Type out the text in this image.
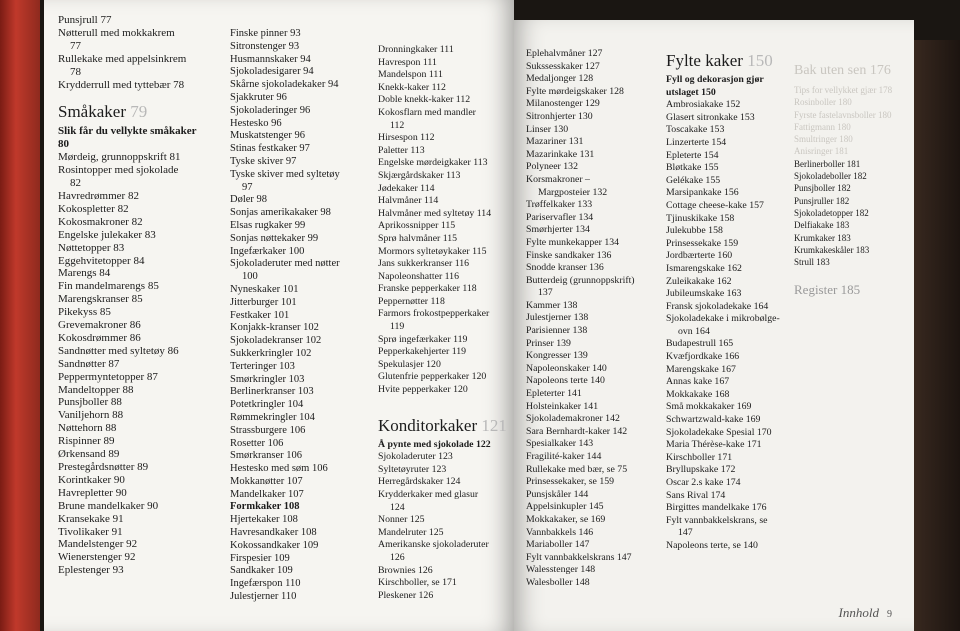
Punsjrull 77
Nøtterull med mokkakrem
77
Rullekake med appelsinkrem
78
Krydderrull med tyttebær 78
Småkaker 79
Slik får du vellykte småkaker 80
Mørdeig, grunnoppskrift 81
Rosintopper med sjokolade
82
Havredrømmer 82
Kokospletter 82
Kokosmakroner 82
Engelske julekaker 83
Nøttetopper 83
Eggehvitetopper 84
Marengs 84
Fin mandelmarengs 85
Marengskranser 85
Pikekyss 85
Grevemakroner 86
Kokosdrømmer 86
Sandnøtter med syltetøy 86
Sandnøtter 87
Peppermyntetopper 87
Mandeltopper 88
Punsjboller 88
Vaniljehorn 88
Nøttehorn 88
Rispinner 89
Ørkensand 89
Prestegårdsnøtter 89
Korintkaker 90
Havrepletter 90
Brune mandelkaker 90
Kransekake 91
Tivolikaker 91
Mandelstenger 92
Wienerstenger 92
Eplestenger 93
Finske pinner 93
Sitronstenger 93
Husmannskaker 94
Sjokoladesigarer 94
Skårne sjokoladekaker 94
Sjakkruter 96
Sjokoladeringer 96
Hestesko 96
Muskatstenger 96
Stinas festkaker 97
Tyske skiver 97
Tyske skiver med syltetøy
97
Døler 98
Sonjas amerikakaker 98
Elsas rugkaker 99
Sonjas nøttekaker 99
Ingefærkaker 100
Sjokoladeruter med nøtter
100
Nyneskaker 101
Jitterburger 101
Festkaker 101
Konjakk-kranser 102
Sjokoladekranser 102
Sukkerkringler 102
Terteringer 103
Smørkringler 103
Berlinerkranser 103
Potetkringler 104
Rømmekringler 104
Strassburgere 106
Rosetter 106
Smørkranser 106
Hestesko med søm 106
Mokkanøtter 107
Mandelkaker 107
Formkaker 108
Hjertekaker 108
Havresandkaker 108
Kokossandkaker 109
Firspesier 109
Sandkaker 109
Ingefærspon 110
Julestjerner 110
Dronningkaker 111
Havrespon 111
Mandelspon 111
Knekk-kaker 112
Doble knekk-kaker 112
Kokosflarn med mandler
112
Hirsespon 112
Paletter 113
Engelske mørdeigkaker 113
Skjærgårdskaker 113
Jødekaker 114
Halvmåner 114
Halvmåner med syltetøy 114
Aprikossnipper 115
Sprø halvmåner 115
Mormors syltetøykaker 115
Jans sukkerkranser 116
Napoleonshatter 116
Franske pepperkaker 118
Peppernøtter 118
Farmors frokostpepperkaker
119
Sprø ingefærkaker 119
Pepperkakehjerter 119
Spekulasjer 120
Glutenfrie pepperkaker 120
Hvite pepperkaker 120
Konditorkaker 121
Å pynte med sjokolade 122
Sjokoladeruter 123
Syltetøyruter 123
Herregårdskaker 124
Krydderkaker med glasur
124
Nonner 125
Mandelruter 125
Amerikanske sjokoladeruter
126
Brownies 126
Kirschboller, se 171
Pleskener 126
Eplehalvmåner 127
Sukssesskaker 127
Medaljonger 128
Fylte mørdeigskaker 128
Milanostenger 129
Sitronhjerter 130
Linser 130
Mazariner 131
Mazarinkake 131
Polyneer 132
Korsmakroner –
Margposteier 132
Trøffelkaker 133
Pariservafler 134
Smørhjerter 134
Fylte munkekapper 134
Finske sandkaker 136
Snodde kranser 136
Butterdeig (grunnoppskrift)
137
Kammer 138
Julestjerner 138
Parisienner 138
Prinser 139
Kongresser 139
Napoleonskaker 140
Napoleons terte 140
Epleterter 141
Holsteinkaker 141
Sjokolademakroner 142
Sara Bernhardt-kaker 142
Spesialkaker 143
Fragilité-kaker 144
Rullekake med bær, se 75
Prinsessekaker, se 159
Punsjskåler 144
Appelsinkupler 145
Mokkakaker, se 169
Vannbakkels 146
Mariaboller 147
Fylt vannbakkelskrans 147
Walesstenger 148
Walesboller 148
Fylte kaker 150
Fyll og dekorasjon gjør utslaget 150
Ambrosiakake 152
Glasert sitronkake 153
Toscakake 153
Linzerterte 154
Epleterte 154
Bløtkake 155
Gelékake 155
Marsipankake 156
Cottage cheese-kake 157
Tjinuskikake 158
Julekubbe 158
Prinsessekake 159
Jordbærterte 160
Ismarengskake 162
Zuleikakake 162
Jubileumskake 163
Fransk sjokoladekake 164
Sjokoladekake i mikrobølge-
ovn 164
Budapestrull 165
Kvæfjordkake 166
Marengskake 167
Annas kake 167
Mokkakake 168
Små mokkakaker 169
Schwartzwald-kake 169
Sjokoladekake Spesial 170
Maria Thérèse-kake 171
Kirschboller 171
Bryllupskake 172
Oscar 2.s kake 174
Sans Rival 174
Birgittes mandelkake 176
Fylt vannbakkelskrans, se
147
Napoleons terte, se 140
Bak uten sen 176
Tips for vellykket gjær 178
Rosinboller 180
Fyrste fastelavnsboller 180
Fattigmann 180
Smultringer 180
Anisringer 181
Berlinerboller 181
Sjokoladeboller 182
Punsjboller 182
Punsjruller 182
Sjokoladetopper 182
Delfiakake 183
Krumkaker 183
Krumkakeskåler 183
Strull 183
Register 185
Innhold 9
